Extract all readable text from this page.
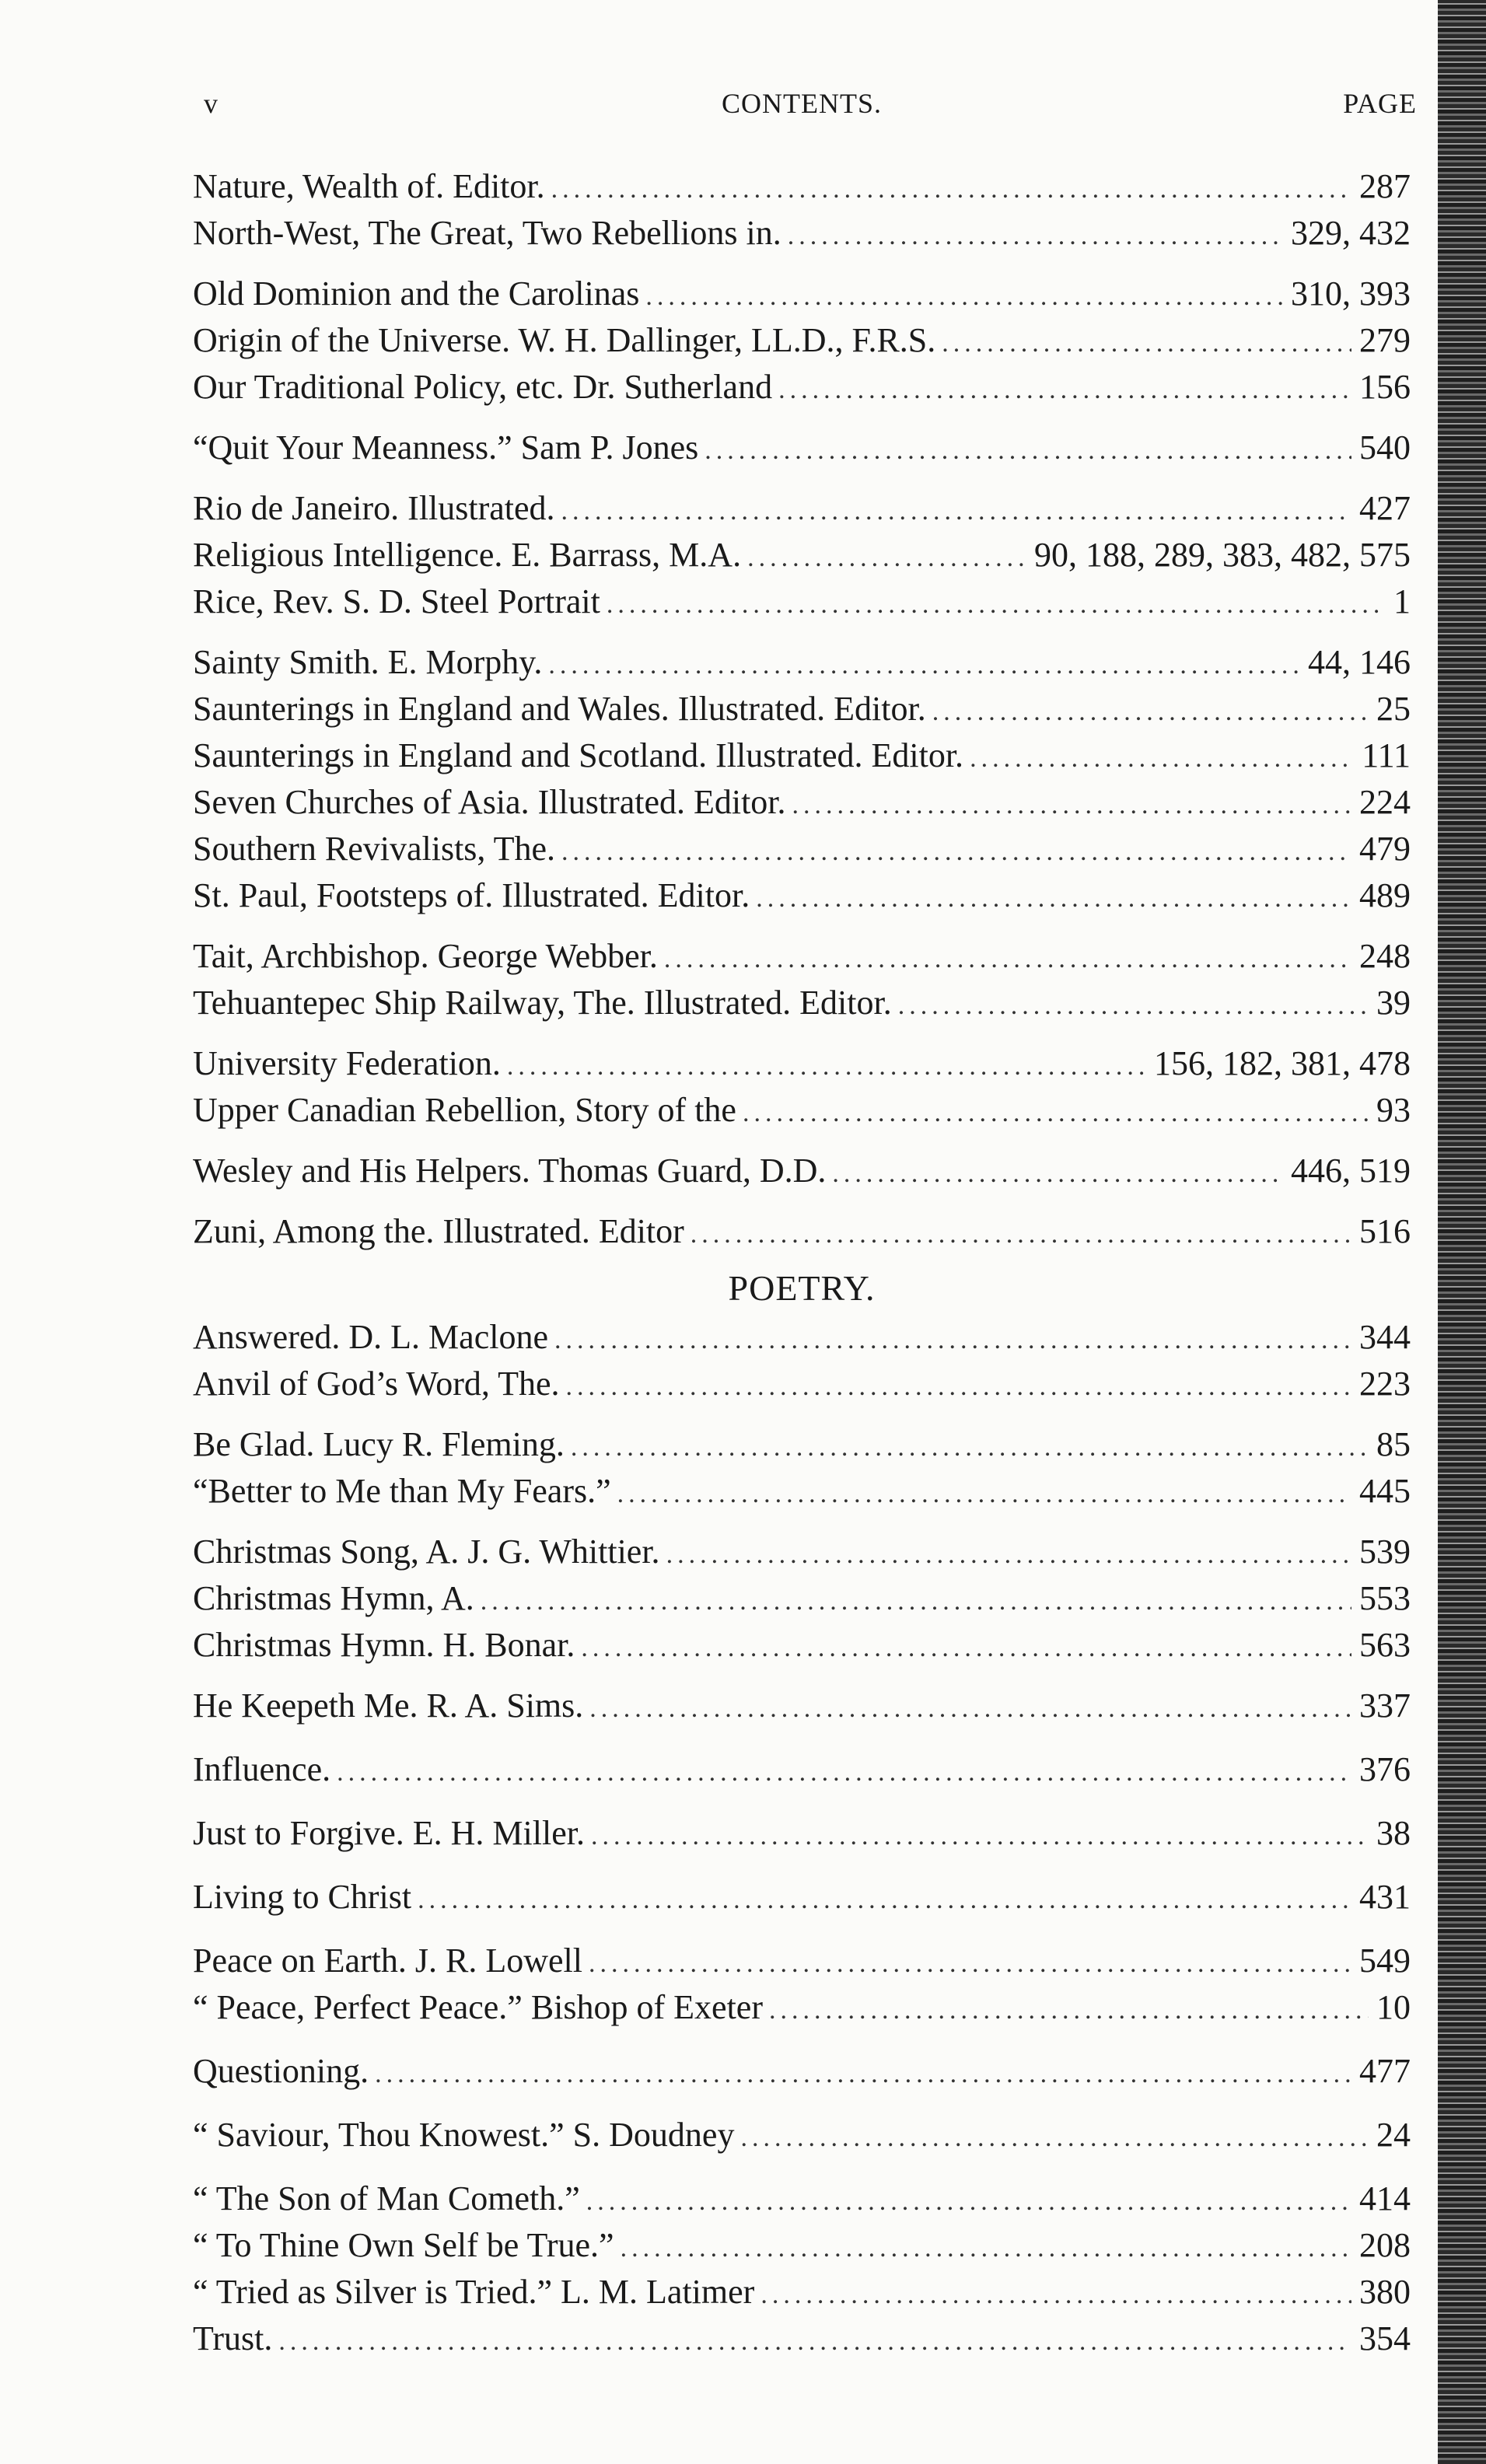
v	CONTENTS.	PAGE
Nature, Wealth of. Editor. .....	287
North-West, The Great, Two Rebellions in. .....	329, 432
Old Dominion and the Carolinas .....	310, 393
Origin of the Universe. W. H. Dallinger, LL.D., F.R.S. .....	279
Our Traditional Policy, etc. Dr. Sutherland .....	156
“Quit Your Meanness.” Sam P. Jones .....	540
Rio de Janeiro. Illustrated. .....	427
Religious Intelligence. E. Barrass, M.A. .....	90, 188, 289, 383, 482, 575
Rice, Rev. S. D. Steel Portrait .....	1
Sainty Smith. E. Morphy. .....	44, 146
Saunterings in England and Wales. Illustrated. Editor. .....	25
Saunterings in England and Scotland. Illustrated. Editor. .....	111
Seven Churches of Asia. Illustrated. Editor. .....	224
Southern Revivalists, The. .....	479
St. Paul, Footsteps of. Illustrated. Editor. .....	489
Tait, Archbishop. George Webber. .....	248
Tehuantepec Ship Railway, The. Illustrated. Editor. .....	39
University Federation. .....	156, 182, 381, 478
Upper Canadian Rebellion, Story of the .....	93
Wesley and His Helpers. Thomas Guard, D.D. .....	446, 519
Zuni, Among the. Illustrated. Editor .....	516
POETRY.
Answered. D. L. Maclone .....	344
Anvil of God’s Word, The. .....	223
Be Glad. Lucy R. Fleming. .....	85
“Better to Me than My Fears.” .....	445
Christmas Song, A. J. G. Whittier. .....	539
Christmas Hymn, A. .....	553
Christmas Hymn. H. Bonar. .....	563
He Keepeth Me. R. A. Sims. .....	337
Influence. .....	376
Just to Forgive. E. H. Miller. .....	38
Living to Christ .....	431
Peace on Earth. J. R. Lowell .....	549
“ Peace, Perfect Peace.” Bishop of Exeter .....	10
Questioning. .....	477
“ Saviour, Thou Knowest.” S. Doudney .....	24
“ The Son of Man Cometh.” .....	414
“ To Thine Own Self be True.” .....	208
“ Tried as Silver is Tried.” L. M. Latimer .....	380
Trust. .....	354
